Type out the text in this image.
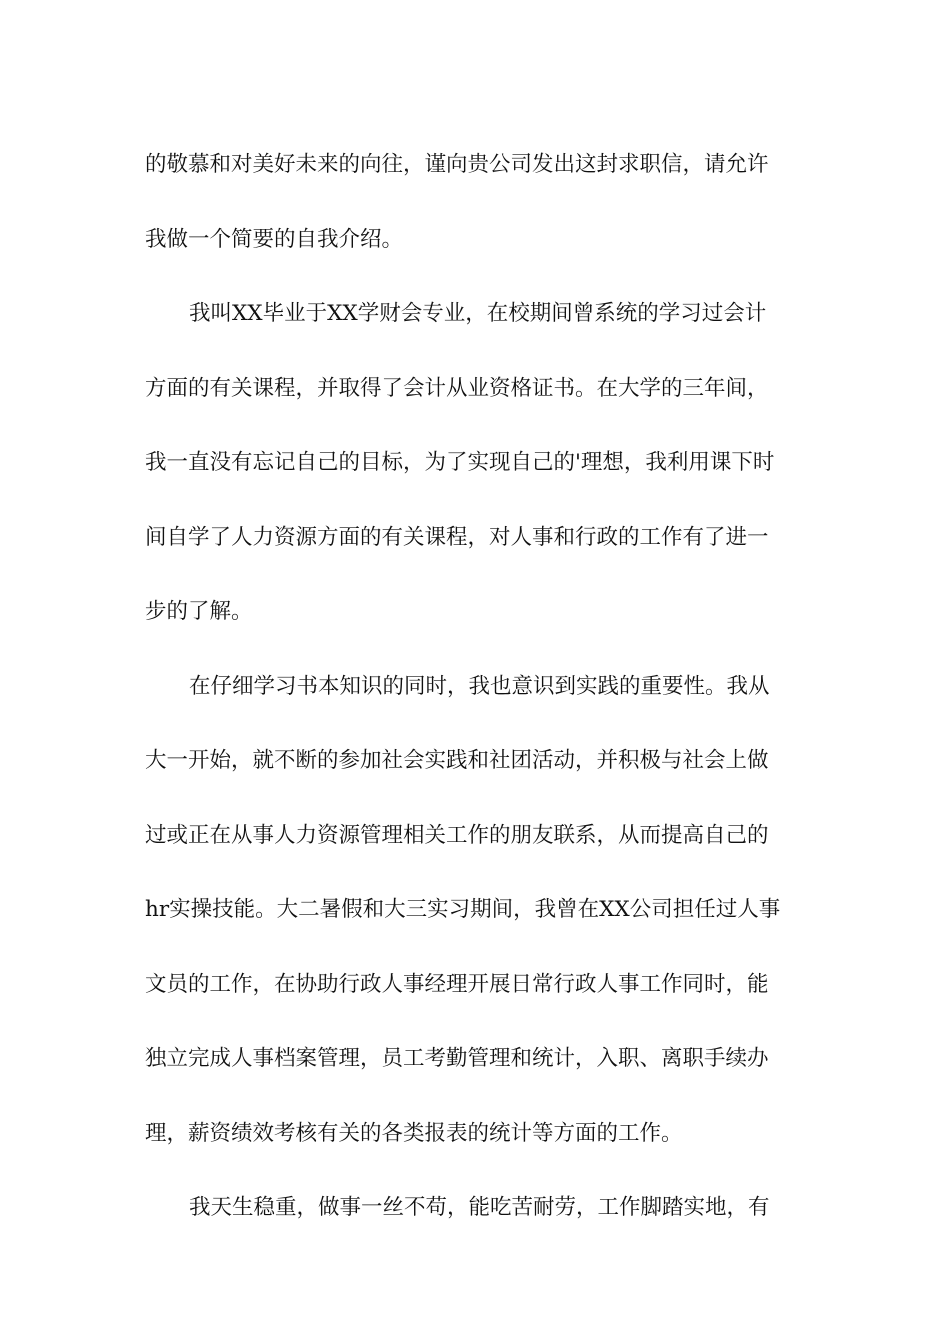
的敬慕和对美好未来的向往，谨向贵公司发出这封求职信，请允许
我做一个简要的自我介绍。
我叫XX毕业于XX学财会专业，在校期间曾系统的学习过会计
方面的有关课程，并取得了会计从业资格证书。在大学的三年间，
我一直没有忘记自己的目标，为了实现自己的'理想，我利用课下时
间自学了人力资源方面的有关课程，对人事和行政的工作有了进一
步的了解。
在仔细学习书本知识的同时，我也意识到实践的重要性。我从
大一开始，就不断的参加社会实践和社团活动，并积极与社会上做
过或正在从事人力资源管理相关工作的朋友联系，从而提高自己的
hr实操技能。大二暑假和大三实习期间，我曾在XX公司担任过人事
文员的工作，在协助行政人事经理开展日常行政人事工作同时，能
独立完成人事档案管理，员工考勤管理和统计，入职、离职手续办
理，薪资绩效考核有关的各类报表的统计等方面的工作。
我天生稳重，做事一丝不苟，能吃苦耐劳，工作脚踏实地，有
